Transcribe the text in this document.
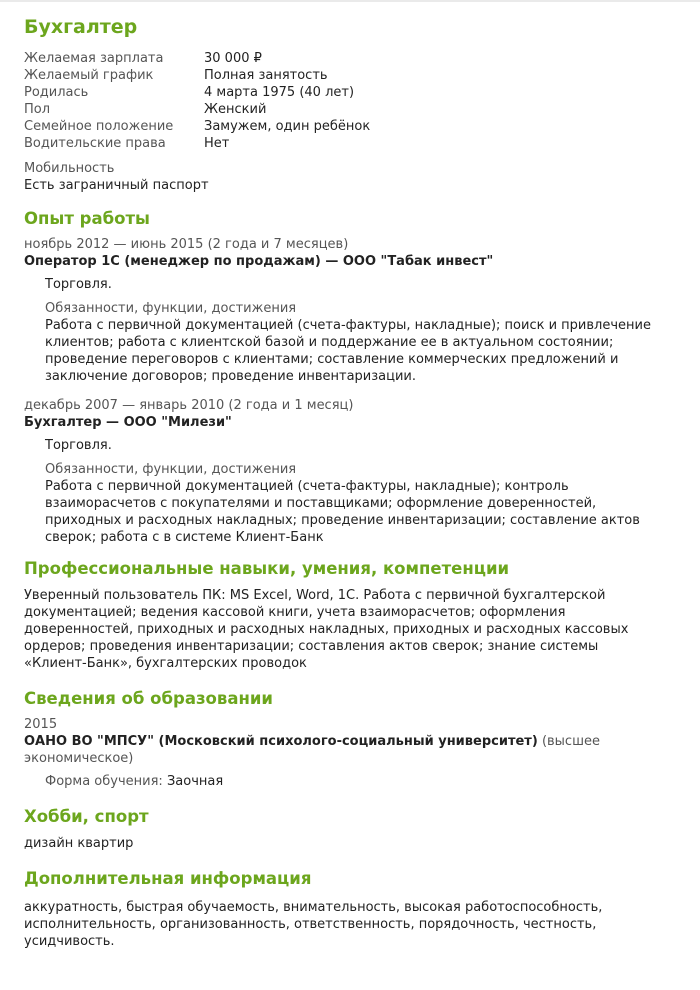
Бухгалтер
Желаемая зарплата	30 000 ₽
Желаемый график	Полная занятость
Родилась	4 марта 1975 (40 лет)
Пол	Женский
Семейное положение	Замужем, один ребёнок
Водительские права	Нет
Мобильность
Есть заграничный паспорт
Опыт работы
ноябрь 2012 — июнь 2015 (2 года и 7 месяцев)
Оператор 1С (менеджер по продажам) — ООО "Табак инвест"
Торговля.
Обязанности, функции, достижения
Работа с первичной документацией (счета-фактуры, накладные); поиск и привлечение клиентов; работа с клиентской базой и поддержание ее в актуальном состоянии; проведение переговоров с клиентами; составление коммерческих предложений и заключение договоров; проведение инвентаризации.
декабрь 2007 — январь 2010 (2 года и 1 месяц)
Бухгалтер — ООО "Милези"
Торговля.
Обязанности, функции, достижения
Работа с первичной документацией (счета-фактуры, накладные); контроль взаиморасчетов с покупателями и поставщиками; оформление доверенностей, приходных и расходных накладных; проведение инвентаризации; составление актов сверок; работа с в системе Клиент-Банк
Профессиональные навыки, умения, компетенции
Уверенный пользователь ПК: MS Excel, Word, 1С. Работа с первичной бухгалтерской документацией; ведения кассовой книги, учета взаиморасчетов; оформления доверенностей, приходных и расходных накладных, приходных и расходных кассовых ордеров; проведения инвентаризации; составления актов сверок; знание системы «Клиент-Банк», бухгалтерских проводок
Сведения об образовании
2015
ОАНО ВО "МПСУ" (Московский психолого-социальный университет) (высшее экономическое)
Форма обучения: Заочная
Хобби, спорт
дизайн квартир
Дополнительная информация
аккуратность, быстрая обучаемость, внимательность, высокая работоспособность, исполнительность, организованность, ответственность, порядочность, честность, усидчивость.
